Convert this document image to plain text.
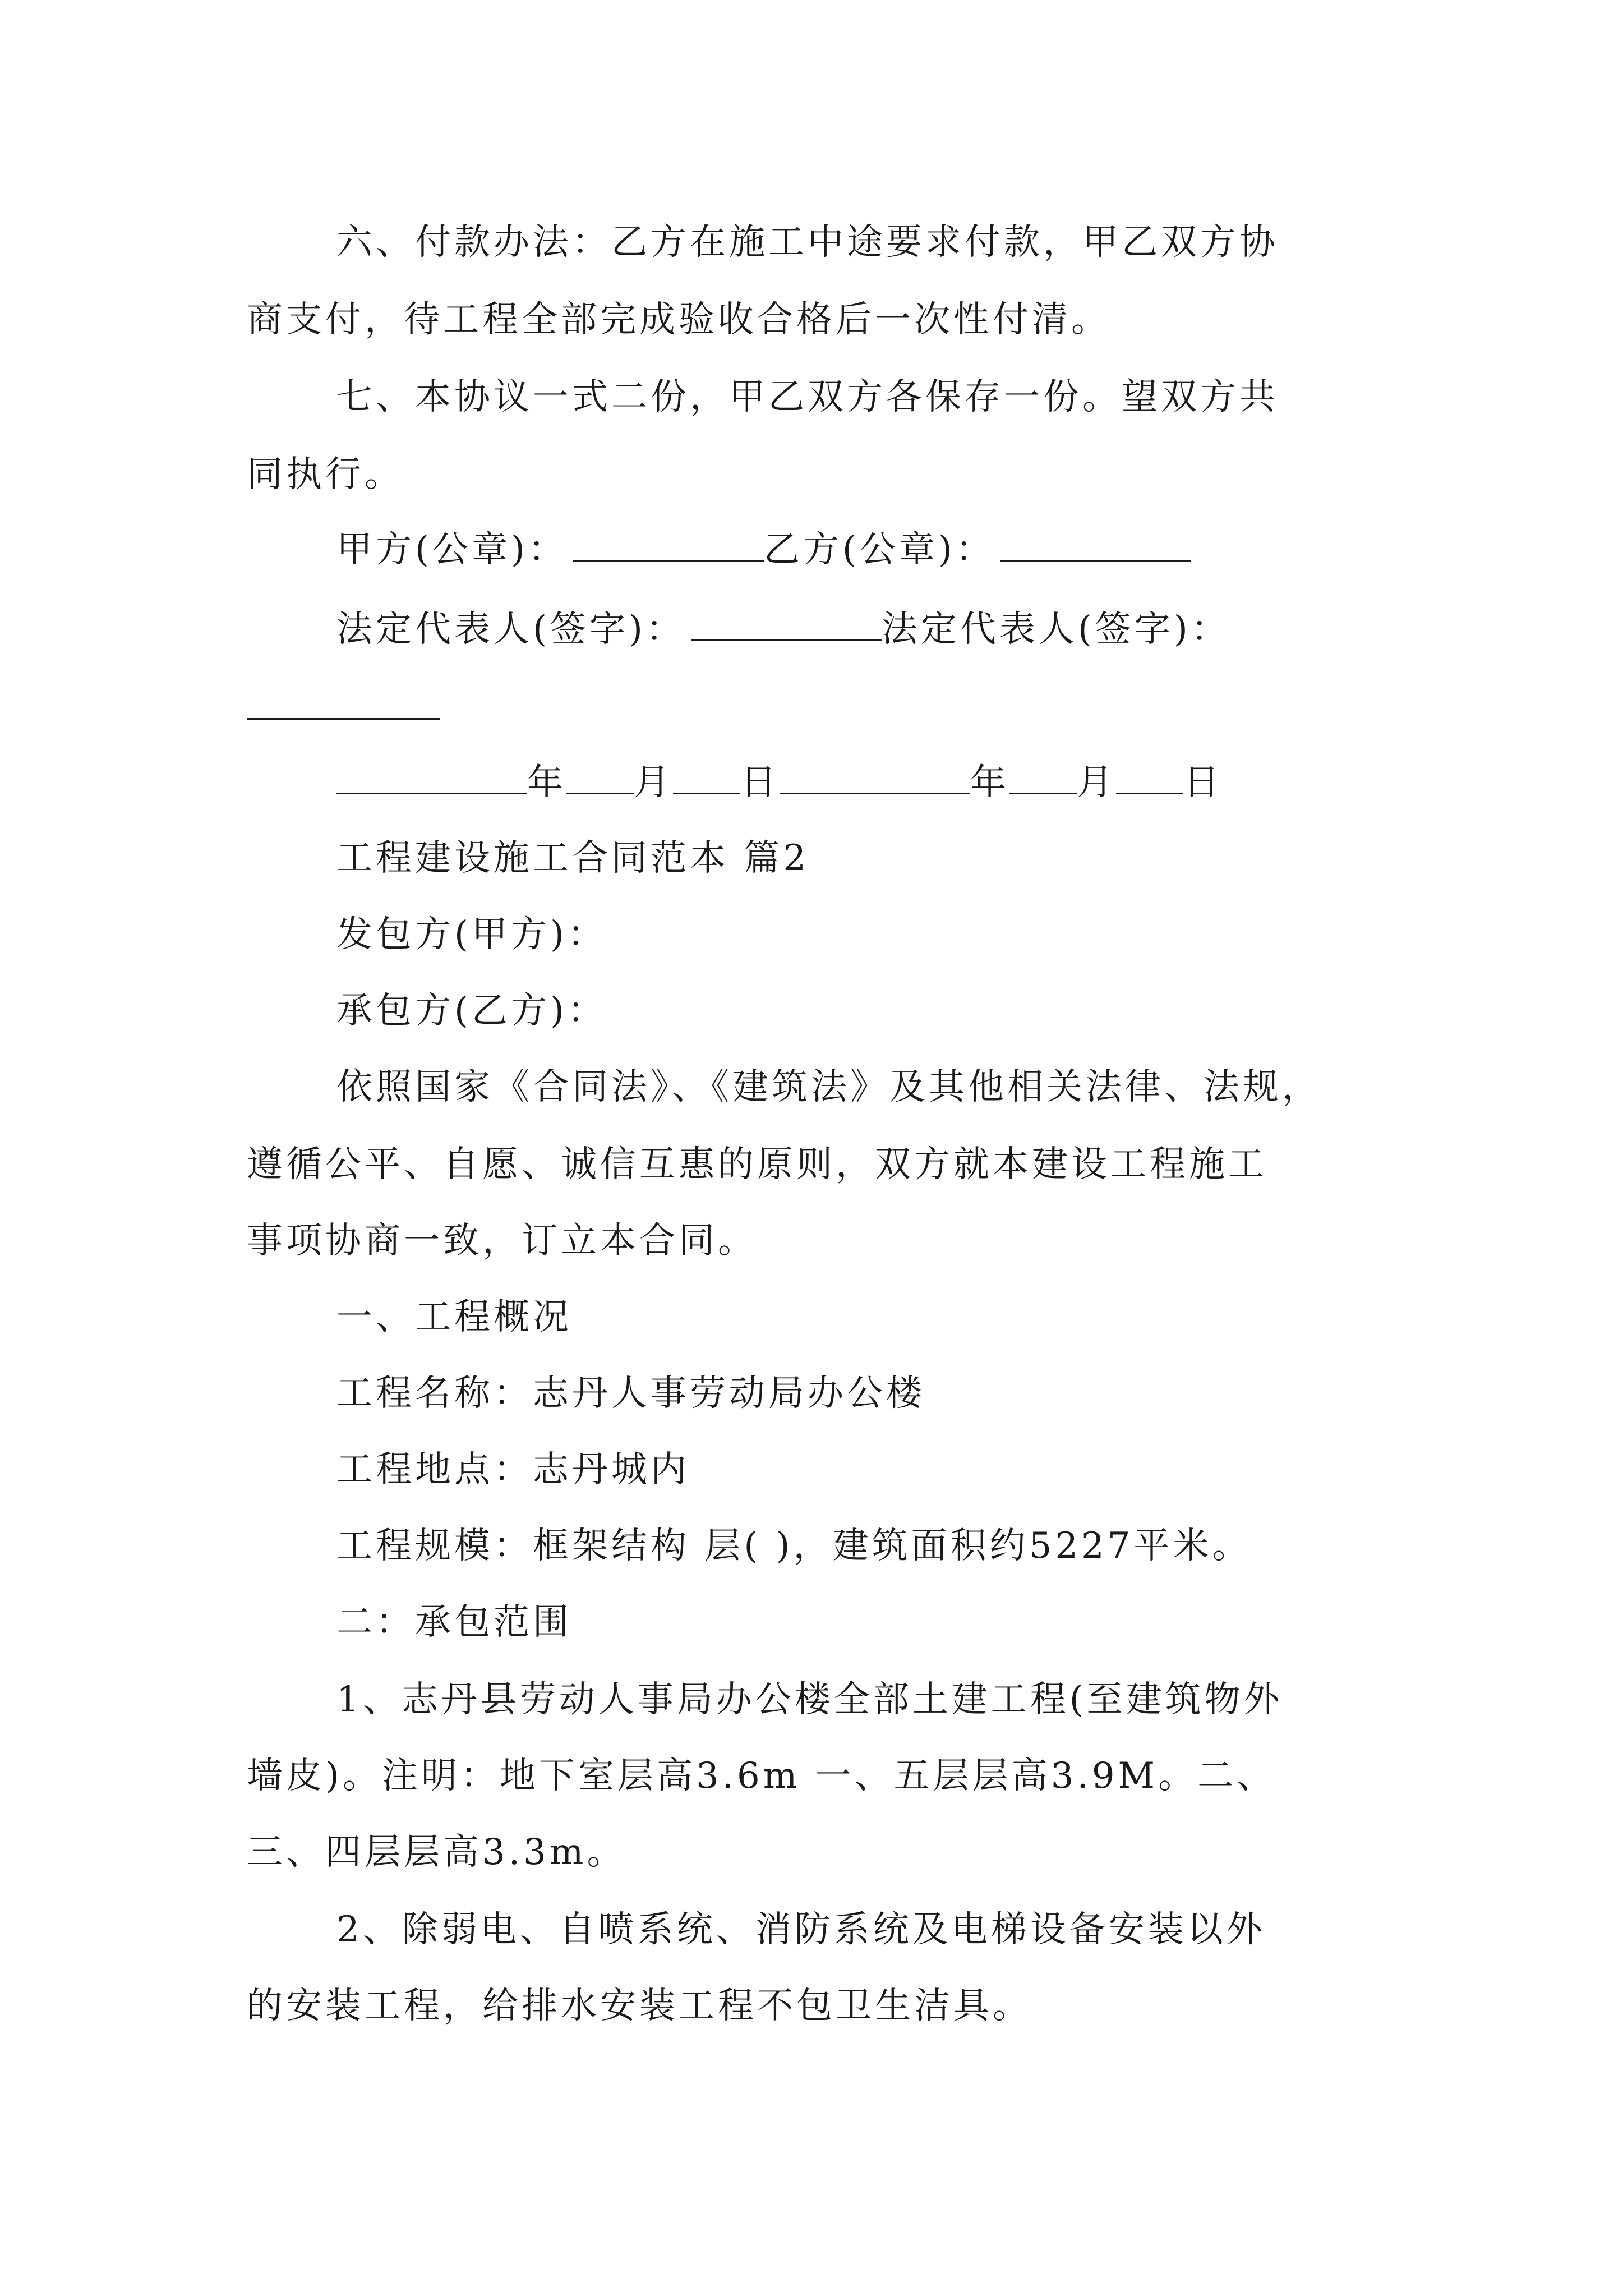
六、付款办法：乙方在施工中途要求付款，甲乙双方协
商支付，待工程全部完成验收合格后一次性付清。
七、本协议一式二份，甲乙双方各保存一份。望双方共
同执行。
甲方(公章)：	乙方(公章)：
法定代表人(签字)：	法定代表人(签字)：
年 月 日	年 月 日
工程建设施工合同范本 篇2
发包方(甲方)：
承包方(乙方)：
依照国家《合同法》、《建筑法》及其他相关法律、法规，
遵循公平、自愿、诚信互惠的原则，双方就本建设工程施工
事项协商一致，订立本合同。
一、工程概况
工程名称：志丹人事劳动局办公楼
工程地点：志丹城内
工程规模：框架结构 层( )，建筑面积约5227平米。
二：承包范围
1、志丹县劳动人事局办公楼全部土建工程(至建筑物外
墙皮)。注明：地下室层高3.6m 一、五层层高3.9M。二、
三、四层层高3.3m。
2、除弱电、自喷系统、消防系统及电梯设备安装以外
的安装工程，给排水安装工程不包卫生洁具。
